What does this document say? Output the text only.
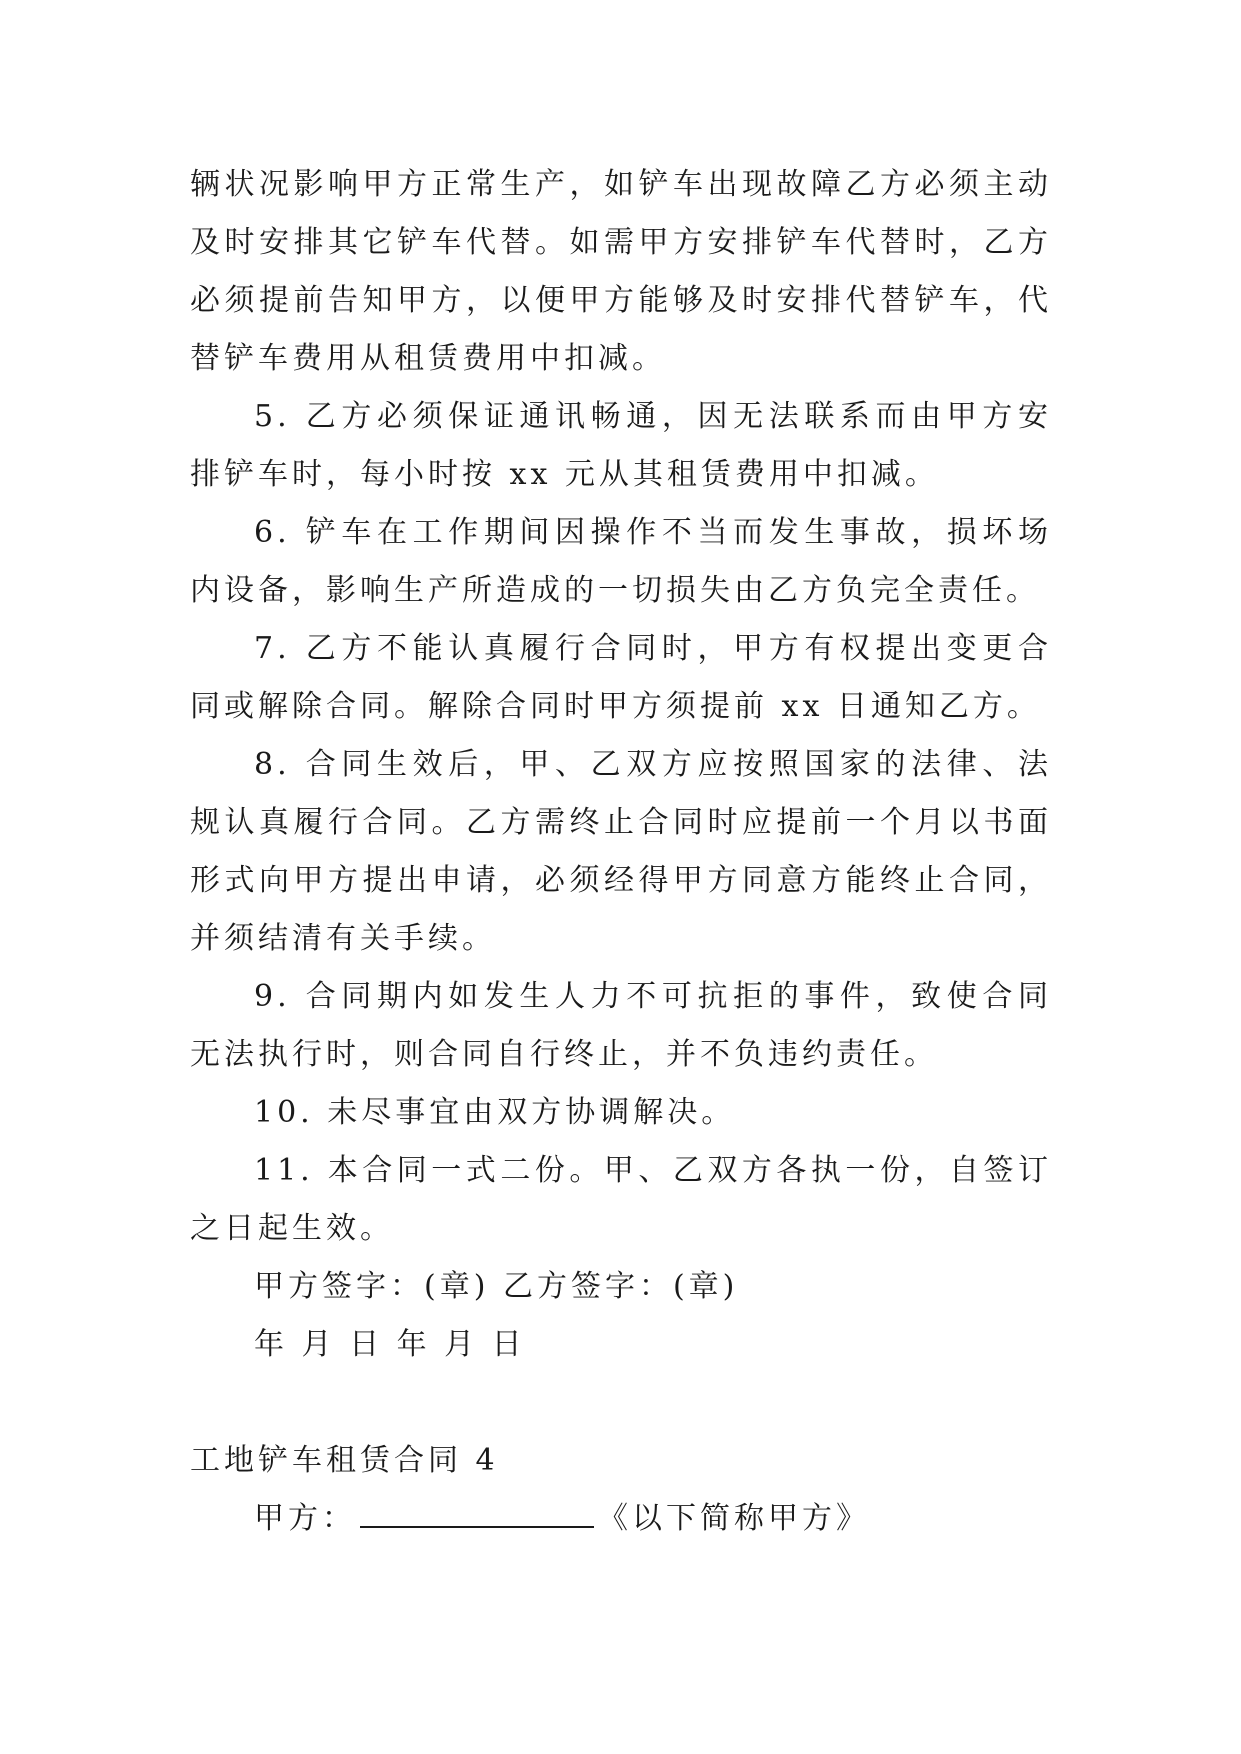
辆状况影响甲方正常生产，如铲车出现故障乙方必须主动及时安排其它铲车代替。如需甲方安排铲车代替时，乙方必须提前告知甲方，以便甲方能够及时安排代替铲车，代替铲车费用从租赁费用中扣减。

5. 乙方必须保证通讯畅通，因无法联系而由甲方安排铲车时，每小时按 xx 元从其租赁费用中扣减。

6. 铲车在工作期间因操作不当而发生事故，损坏场内设备，影响生产所造成的一切损失由乙方负完全责任。

7. 乙方不能认真履行合同时，甲方有权提出变更合同或解除合同。解除合同时甲方须提前 xx 日通知乙方。

8. 合同生效后，甲、乙双方应按照国家的法律、法规认真履行合同。乙方需终止合同时应提前一个月以书面形式向甲方提出申请，必须经得甲方同意方能终止合同，并须结清有关手续。

9. 合同期内如发生人力不可抗拒的事件，致使合同无法执行时，则合同自行终止，并不负违约责任。

10. 未尽事宜由双方协调解决。

11. 本合同一式二份。甲、乙双方各执一份，自签订之日起生效。

甲方签字：(章) 乙方签字：(章)

年 月 日 年 月 日

工地铲车租赁合同 4

甲方：	《以下简称甲方》
